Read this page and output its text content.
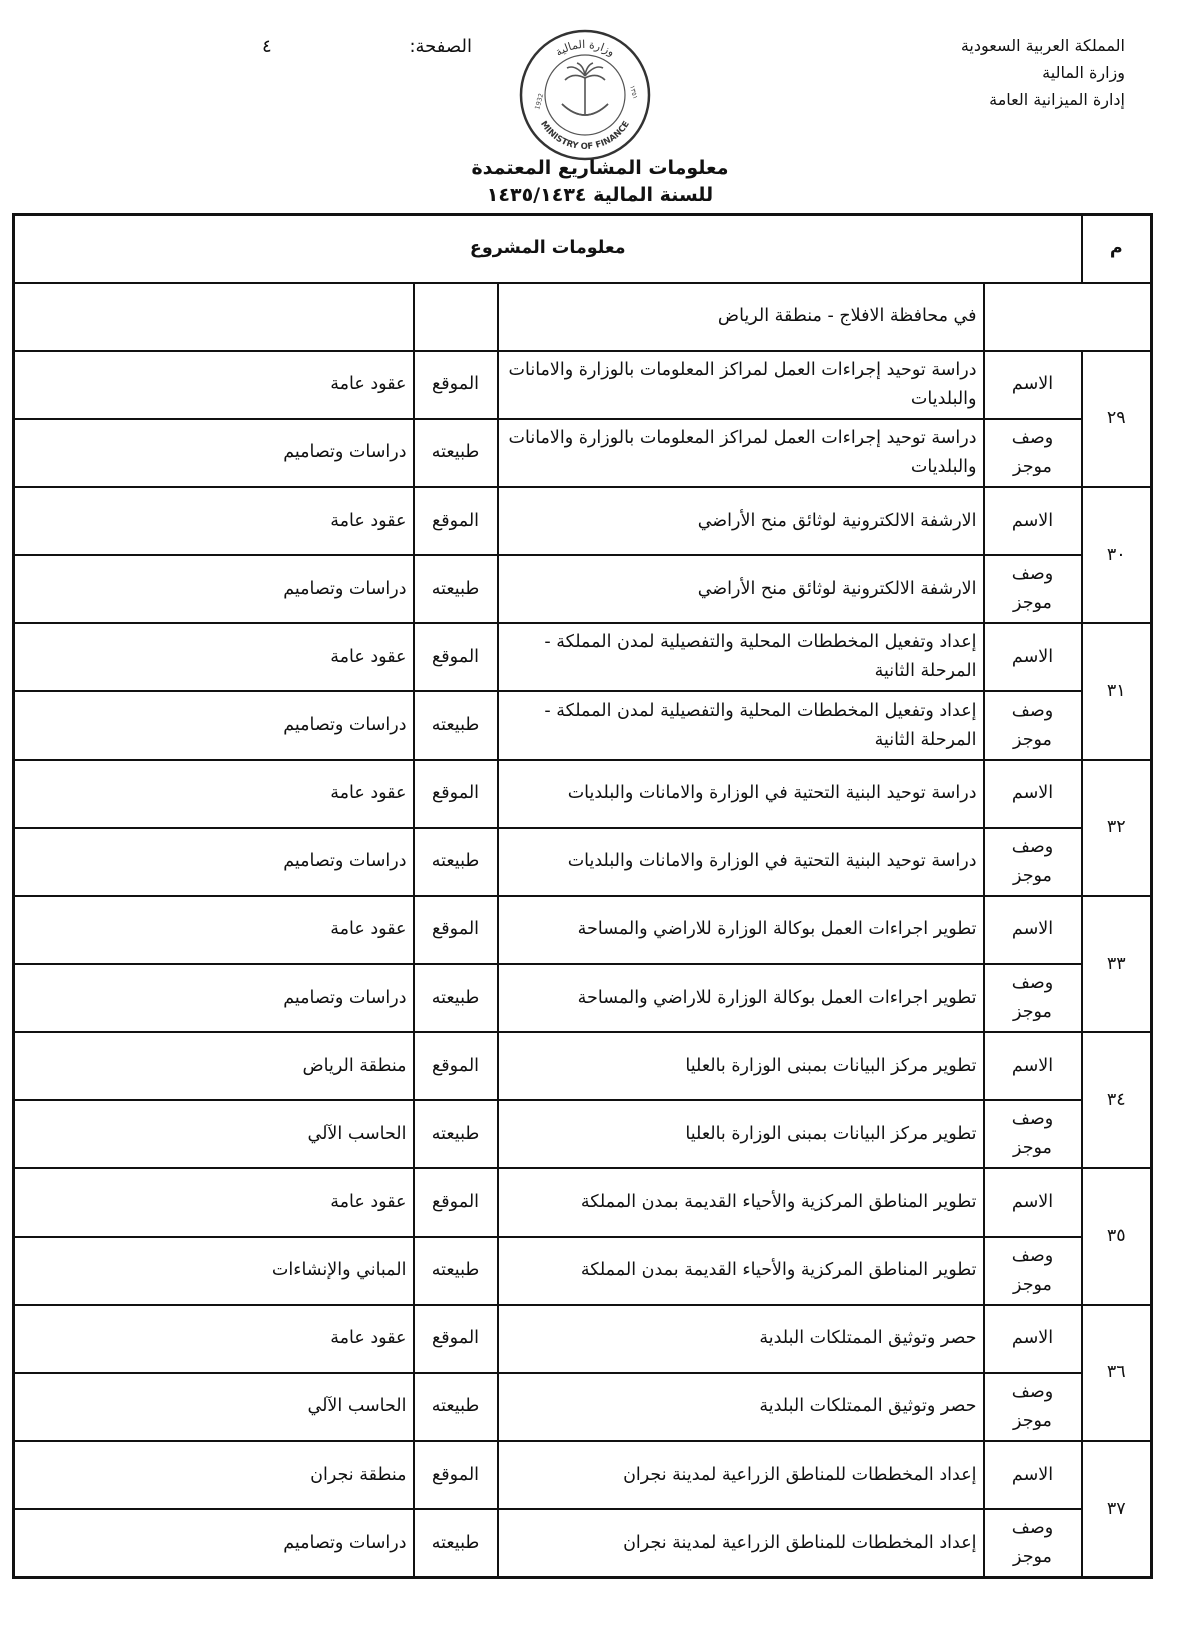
المملكة العربية السعودية
وزارة المالية
إدارة الميزانية العامة
الصفحة:
٤	وزارة المالية
MINISTRY OF FINANCE
1932
١٣٥١
معلومات المشاريع المعتمدة
للسنة المالية ١٤٣٥/١٤٣٤
م	معلومات المشروع			
		في محافظة الافلاج - منطقة الرياض		
٢٩	الاسم	دراسة توحيد إجراءات العمل لمراكز المعلومات بالوزارة والامانات والبلديات	الموقع	عقود عامة
	وصف موجز	دراسة توحيد إجراءات العمل لمراكز المعلومات بالوزارة والامانات والبلديات	طبيعته	دراسات وتصاميم
٣٠	الاسم	الارشفة الالكترونية لوثائق منح الأراضي	الموقع	عقود عامة
	وصف موجز	الارشفة الالكترونية لوثائق منح الأراضي	طبيعته	دراسات وتصاميم
٣١	الاسم	إعداد وتفعيل المخططات المحلية والتفصيلية لمدن المملكة - المرحلة الثانية	الموقع	عقود عامة
	وصف موجز	إعداد وتفعيل المخططات المحلية والتفصيلية لمدن المملكة - المرحلة الثانية	طبيعته	دراسات وتصاميم
٣٢	الاسم	دراسة توحيد البنية التحتية في الوزارة والامانات والبلديات	الموقع	عقود عامة
	وصف موجز	دراسة توحيد البنية التحتية في الوزارة والامانات والبلديات	طبيعته	دراسات وتصاميم
٣٣	الاسم	تطوير اجراءات العمل بوكالة الوزارة للاراضي والمساحة	الموقع	عقود عامة
	وصف موجز	تطوير اجراءات العمل بوكالة الوزارة للاراضي والمساحة	طبيعته	دراسات وتصاميم
٣٤	الاسم	تطوير مركز البيانات بمبنى الوزارة بالعليا	الموقع	منطقة الرياض
	وصف موجز	تطوير مركز البيانات بمبنى الوزارة بالعليا	طبيعته	الحاسب الآلي
٣٥	الاسم	تطوير المناطق المركزية والأحياء القديمة بمدن المملكة	الموقع	عقود عامة
	وصف موجز	تطوير المناطق المركزية والأحياء القديمة بمدن المملكة	طبيعته	المباني والإنشاءات
٣٦	الاسم	حصر وتوثيق الممتلكات البلدية	الموقع	عقود عامة
	وصف موجز	حصر وتوثيق الممتلكات البلدية	طبيعته	الحاسب الآلي
٣٧	الاسم	إعداد المخططات للمناطق الزراعية لمدينة نجران	الموقع	منطقة نجران
	وصف موجز	إعداد المخططات للمناطق الزراعية لمدينة نجران	طبيعته	دراسات وتصاميم
